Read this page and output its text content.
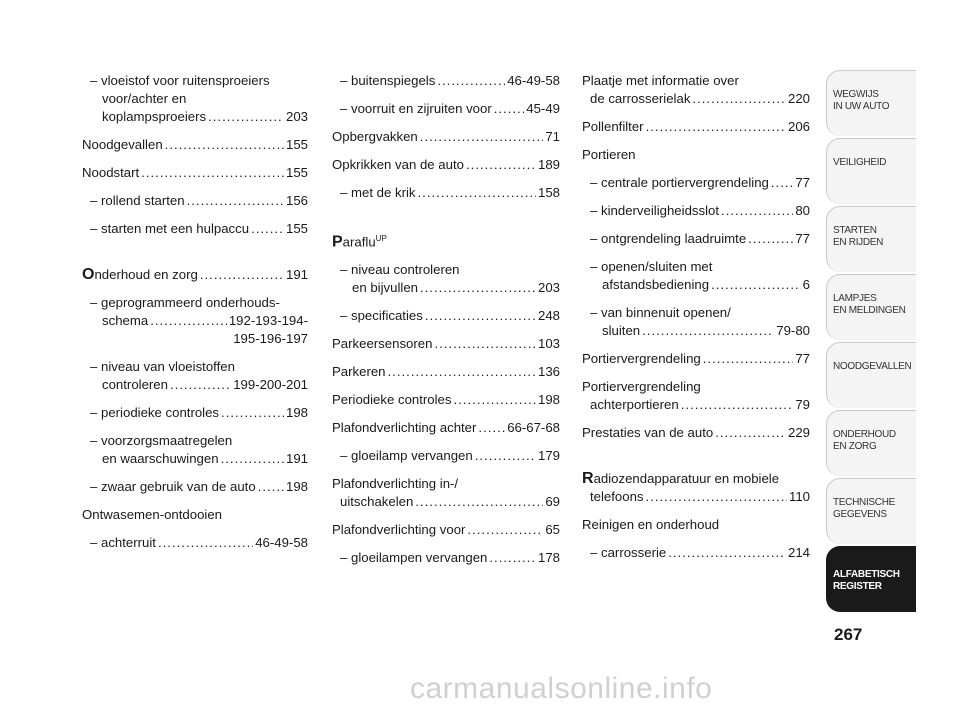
– vloeistof voor ruitensproeiers
voor/achter en
koplampsproeiers .....	203
Noodgevallen .....	155
Noodstart .....	155
– rollend starten .....	156
– starten met een hulpaccu .....	155
Onderhoud en zorg .....	191
– geprogrammeerd onderhouds-
schema .....	192-193-194-
195-196-197
– niveau van vloeistoffen
controleren .....	199-200-201
– periodieke controles .....	198
– voorzorgsmaatregelen
en waarschuwingen .....	191
– zwaar gebruik van de auto ..... 198
Ontwasemen-ontdooien
– achterruit .....	46-49-58
– buitenspiegels .....	46-49-58
– voorruit en zijruiten voor .....	45-49
Opbergvakken .....	71
Opkrikken van de auto .....	189
– met de krik .....	158
Paraflu$^{UP}$
– niveau controleren
en bijvullen .....	203
– specificaties .....	248
Parkeersensoren .....	103
Parkeren .....	136
Periodieke controles .....	198
Plafondverlichting achter ..... 66-67-68
– gloeilamp vervangen .....	179
Plafondverlichting in-/
uitschakelen .....	69
Plafondverlichting voor .....	65
– gloeilampen vervangen .....	178
Plaatje met informatie over
de carrosserielak .....	220
Pollenfilter .....	206
Portieren
– centrale portiervergrendeling ..... 77
– kinderveiligheidsslot .....	80
– ontgrendeling laadruimte .....	77
– openen/sluiten met
afstandsbediening .....	6
– van binnenuit openen/
sluiten .....	79-80
Portiervergrendeling .....	77
Portiervergrendeling
achterportieren .....	79
Prestaties van de auto .....	229
Radiozendapparatuur en mobiele
telefoons .....	110
Reinigen en onderhoud
– carrosserie .....	214
WEGWIJS
IN UW AUTO
VEILIGHEID
STARTEN
EN RIJDEN
LAMPJES
EN MELDINGEN
NOODGEVALLEN
ONDERHOUD
EN ZORG
TECHNISCHE
GEGEVENS
ALFABETISCH
REGISTER
267
carmanualsonline.info
